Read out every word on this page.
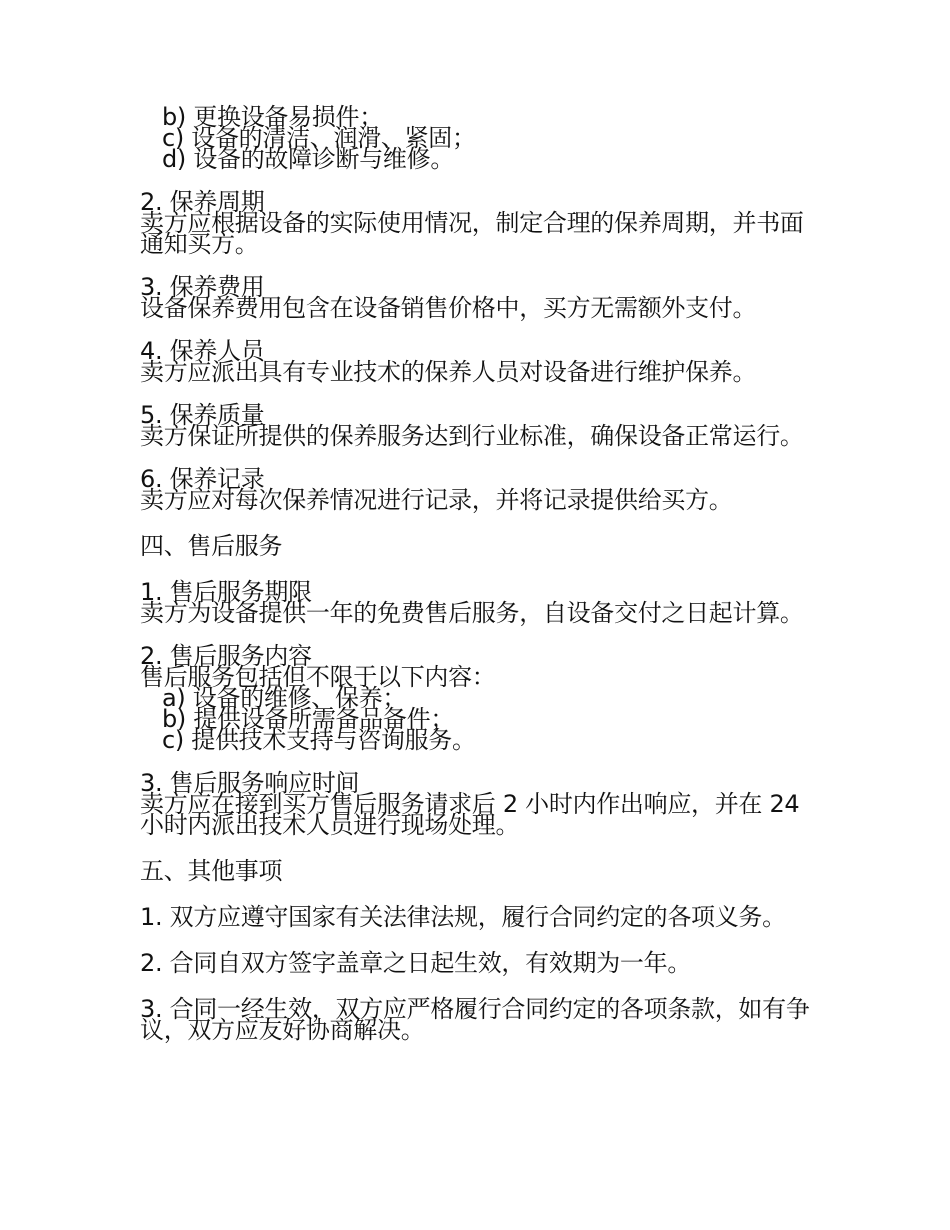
b) 更换设备易损件；
c) 设备的清洁、润滑、紧固；
d) 设备的故障诊断与维修。
2. 保养周期
卖方应根据设备的实际使用情况，制定合理的保养周期，并书面通知买方。
3. 保养费用
设备保养费用包含在设备销售价格中，买方无需额外支付。
4. 保养人员
卖方应派出具有专业技术的保养人员对设备进行维护保养。
5. 保养质量
卖方保证所提供的保养服务达到行业标准，确保设备正常运行。
6. 保养记录
卖方应对每次保养情况进行记录，并将记录提供给买方。
四、售后服务
1. 售后服务期限
卖方为设备提供一年的免费售后服务，自设备交付之日起计算。
2. 售后服务内容
售后服务包括但不限于以下内容：
a) 设备的维修、保养；
b) 提供设备所需备品备件；
c) 提供技术支持与咨询服务。
3. 售后服务响应时间
卖方应在接到买方售后服务请求后 2 小时内作出响应，并在 24 小时内派出技术人员进行现场处理。
五、其他事项
1. 双方应遵守国家有关法律法规，履行合同约定的各项义务。
2. 合同自双方签字盖章之日起生效，有效期为一年。
3. 合同一经生效，双方应严格履行合同约定的各项条款，如有争议，双方应友好协商解决。
